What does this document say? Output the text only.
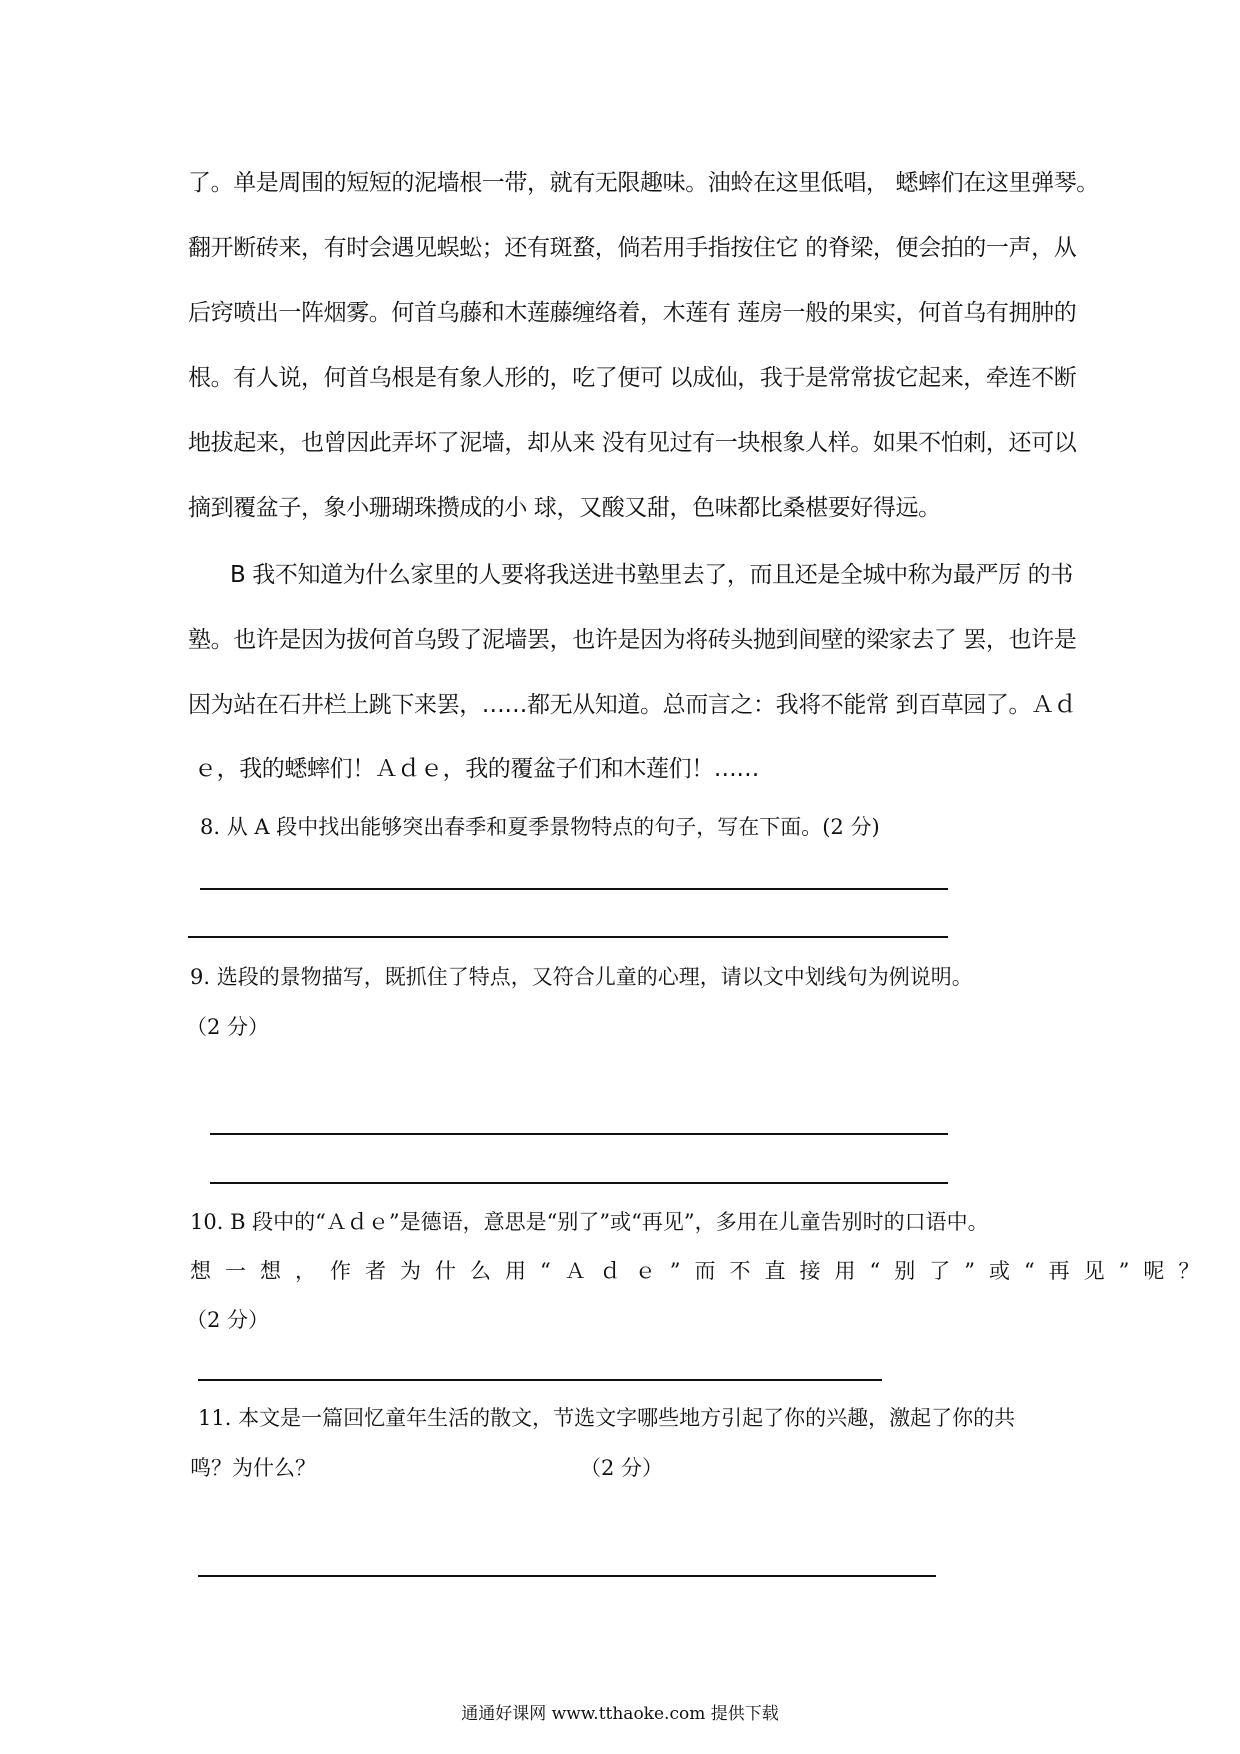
了。单是周围的短短的泥墙根一带，就有无限趣味。油蛉在这里低唱， 蟋蟀们在这里弹琴。
翻开断砖来，有时会遇见蜈蚣；还有斑蝥，倘若用手指按住它 的脊梁，便会拍的一声，从
后窍喷出一阵烟雾。何首乌藤和木莲藤缠络着，木莲有 莲房一般的果实，何首乌有拥肿的
根。有人说，何首乌根是有象人形的，吃了便可 以成仙，我于是常常拔它起来，牵连不断
地拔起来，也曾因此弄坏了泥墙，却从来 没有见过有一块根象人样。如果不怕刺，还可以
摘到覆盆子，象小珊瑚珠攒成的小 球，又酸又甜，色味都比桑椹要好得远。
B 我不知道为什么家里的人要将我送进书塾里去了，而且还是全城中称为最严厉 的书
塾。也许是因为拔何首乌毁了泥墙罢，也许是因为将砖头抛到间壁的梁家去了 罢，也许是
因为站在石井栏上跳下来罢，……都无从知道。总而言之：我将不能常 到百草园了。Ａｄ
ｅ，我的蟋蟀们！Ａｄｅ，我的覆盆子们和木莲们！……
8. 从 A 段中找出能够突出春季和夏季景物特点的句子，写在下面。(2 分)
9. 选段的景物描写，既抓住了特点，又符合儿童的心理，请以文中划线句为例说明。
（2 分）
10. B 段中的“Ａｄｅ”是德语，意思是“别了”或“再见”，多用在儿童告别时的口语中。
想一想，作者为什么用“Ａｄｅ”而不直接用“别了”或“再见”呢？
（2 分）
11. 本文是一篇回忆童年生活的散文，节选文字哪些地方引起了你的兴趣，激起了你的共
鸣？为什么？	（2 分）
通通好课网 www.tthaoke.com 提供下载
